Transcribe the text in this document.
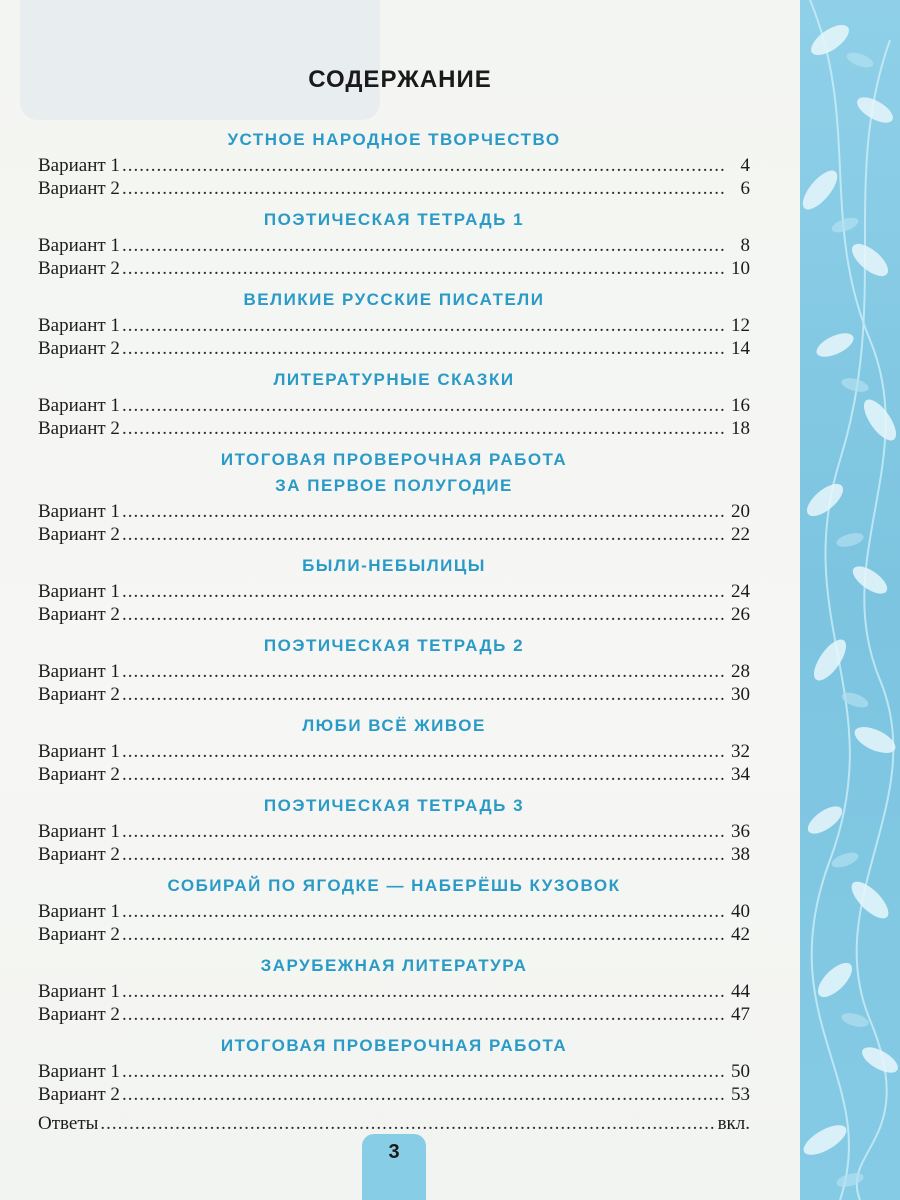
СОДЕРЖАНИЕ
УСТНОЕ НАРОДНОЕ ТВОРЧЕСТВО
Вариант 1 .....	4
Вариант 2 .....	6
ПОЭТИЧЕСКАЯ ТЕТРАДЬ 1
Вариант 1 .....	8
Вариант 2 .....	10
ВЕЛИКИЕ РУССКИЕ ПИСАТЕЛИ
Вариант 1 .....	12
Вариант 2 .....	14
ЛИТЕРАТУРНЫЕ СКАЗКИ
Вариант 1 .....	16
Вариант 2 .....	18
ИТОГОВАЯ ПРОВЕРОЧНАЯ РАБОТА
ЗА ПЕРВОЕ ПОЛУГОДИЕ
Вариант 1 .....	20
Вариант 2 .....	22
БЫЛИ-НЕБЫЛИЦЫ
Вариант 1 .....	24
Вариант 2 .....	26
ПОЭТИЧЕСКАЯ ТЕТРАДЬ 2
Вариант 1 .....	28
Вариант 2 .....	30
ЛЮБИ ВСЁ ЖИВОЕ
Вариант 1 .....	32
Вариант 2 .....	34
ПОЭТИЧЕСКАЯ ТЕТРАДЬ 3
Вариант 1 .....	36
Вариант 2 .....	38
СОБИРАЙ ПО ЯГОДКЕ — НАБЕРЁШЬ КУЗОВОК
Вариант 1 .....	40
Вариант 2 .....	42
ЗАРУБЕЖНАЯ ЛИТЕРАТУРА
Вариант 1 .....	44
Вариант 2 .....	47
ИТОГОВАЯ ПРОВЕРОЧНАЯ РАБОТА
Вариант 1 .....	50
Вариант 2 .....	53
Ответы .....	вкл.
3
